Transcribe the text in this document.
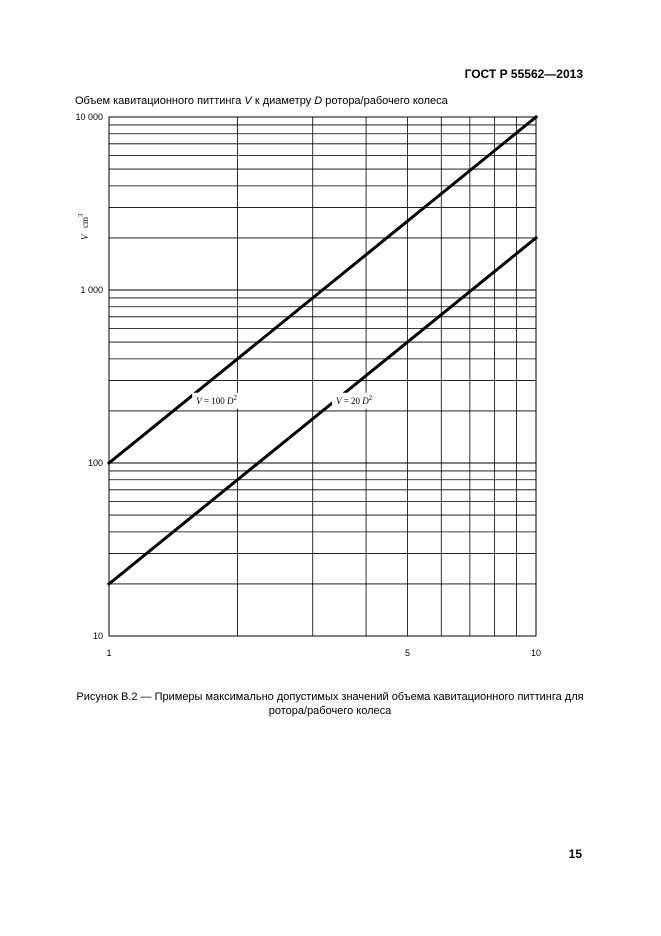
ГОСТ Р 55562—2013
Объем кавитационного питтинга V к диаметру D ротора/рабочего колеса
10
100
1 000
10 000
1	5	10
V = 100 $D^2$	V = 20 $D^2$
V
$cm^3$
Рисунок В.2 — Примеры максимально допустимых значений объема кавитационного питтинга для
ротора/рабочего колеса
15
